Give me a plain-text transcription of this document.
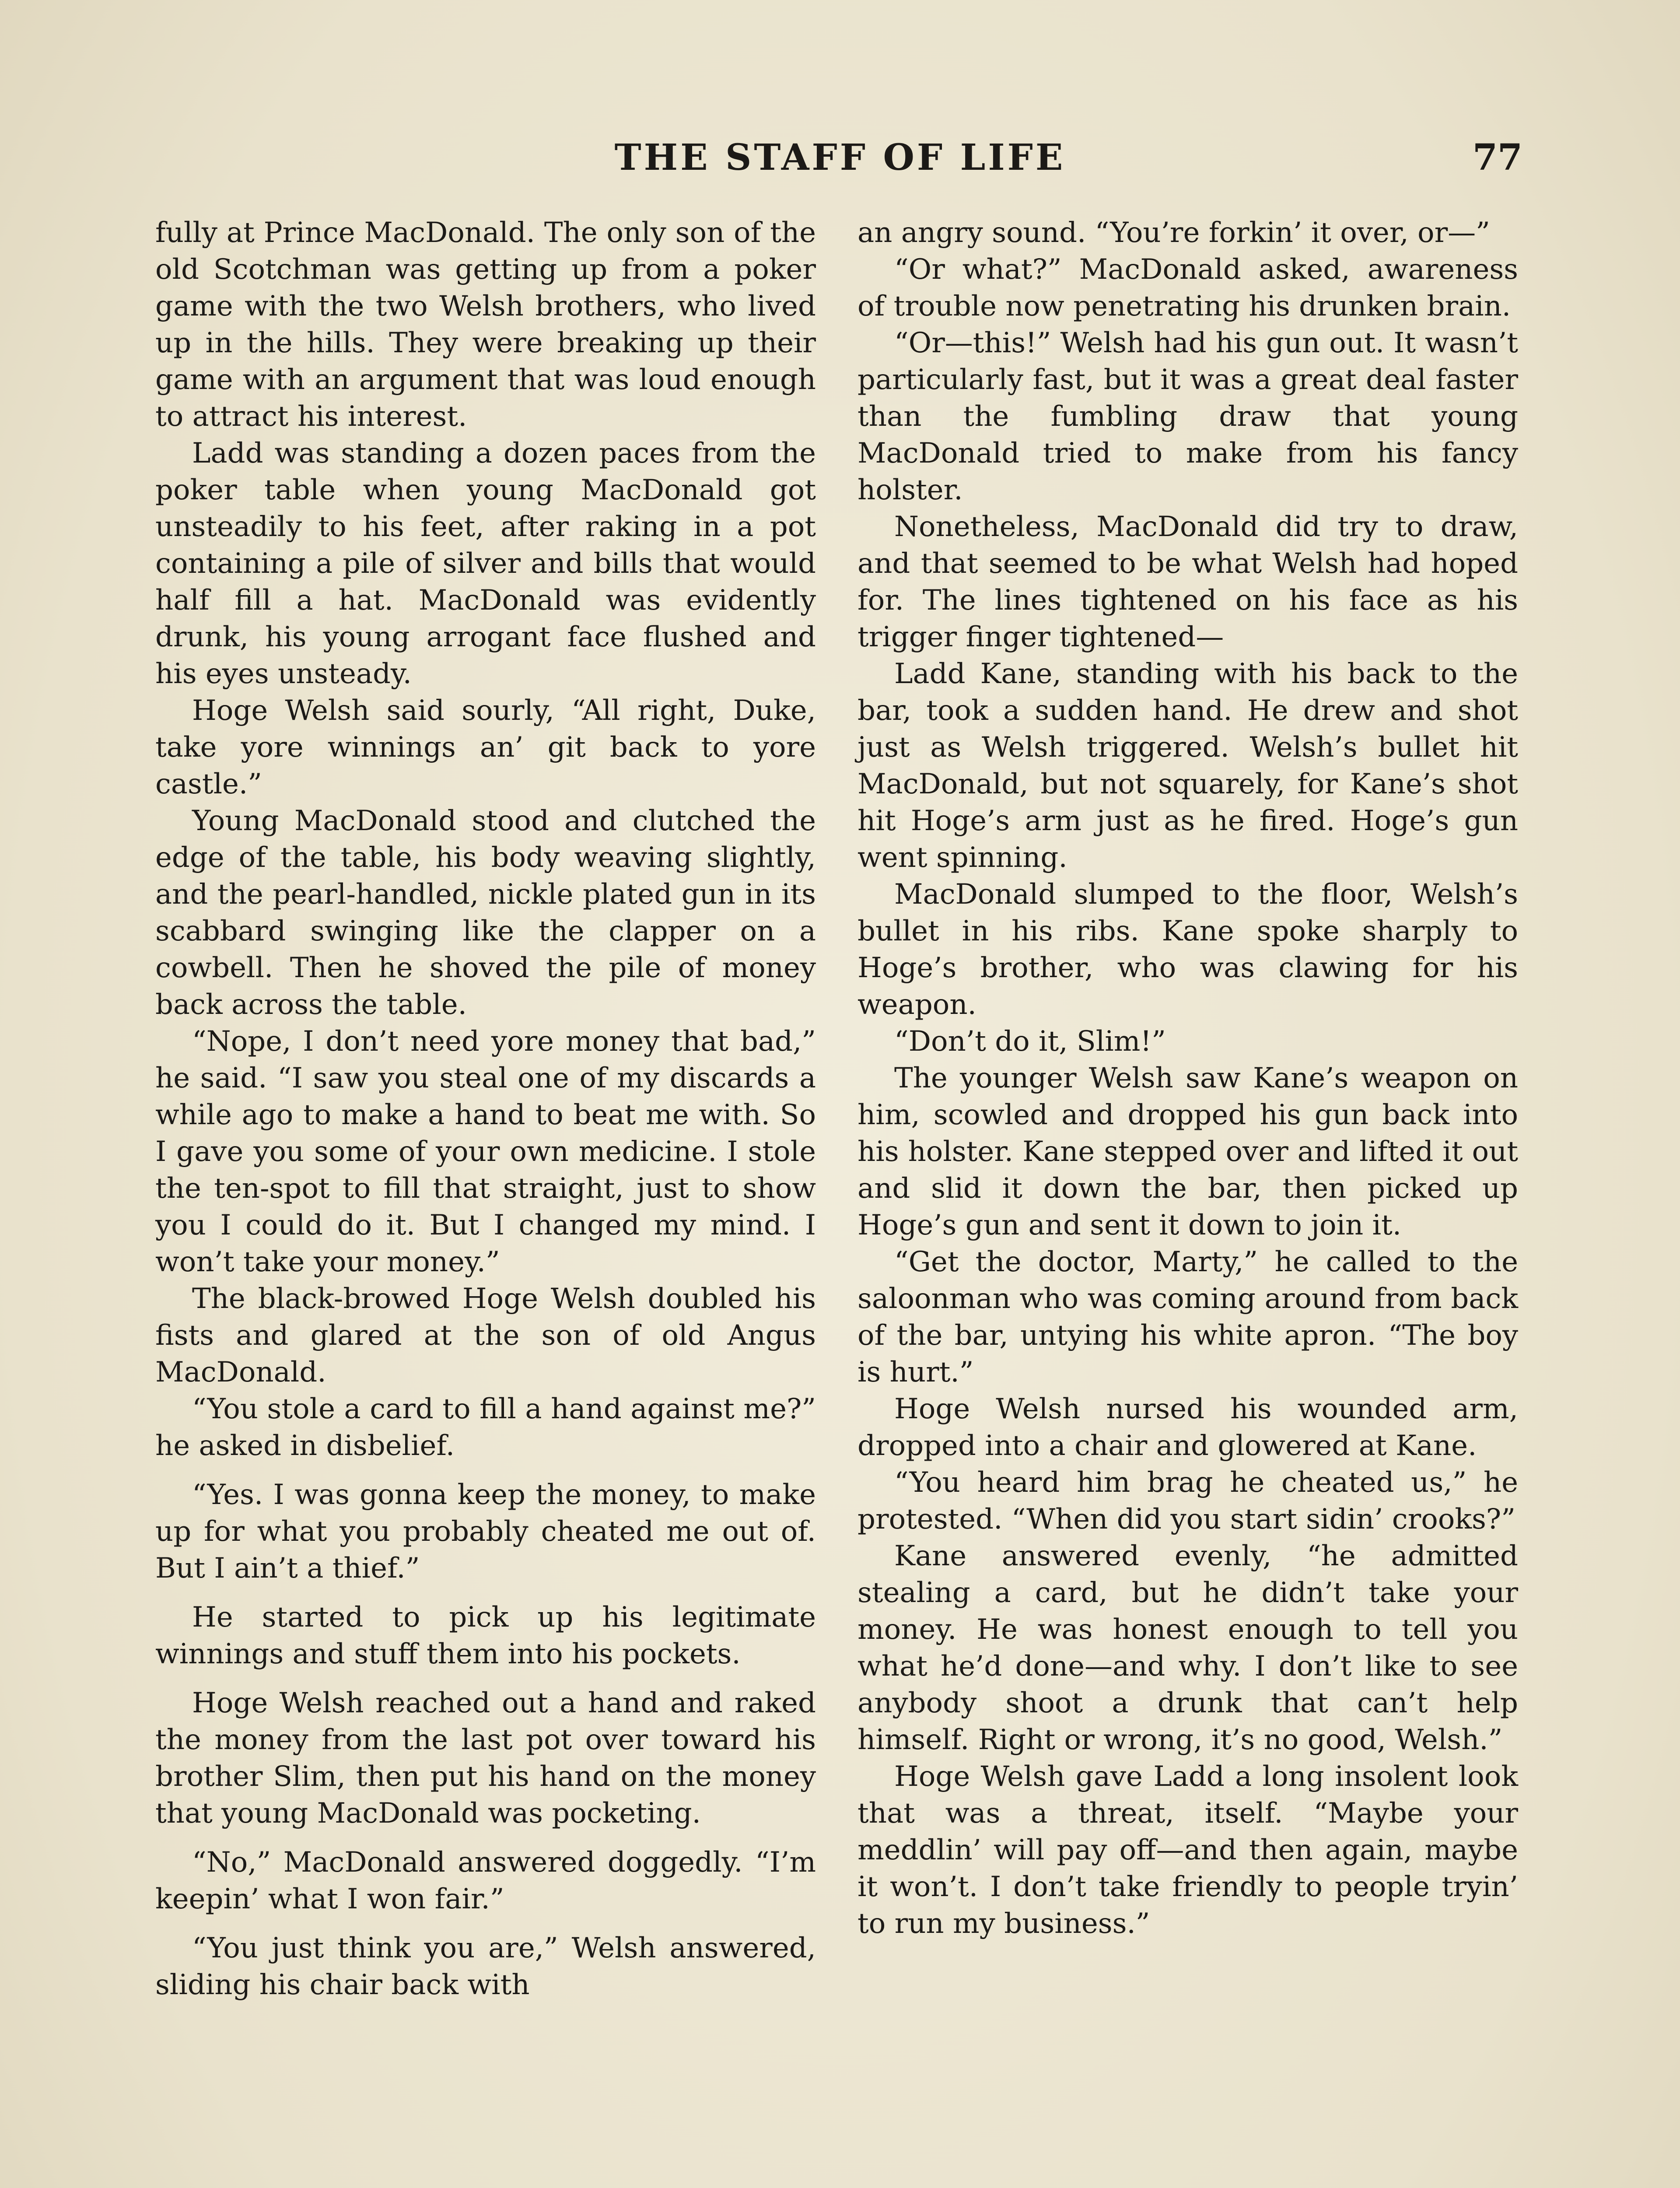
THE STAFF OF LIFE	77

fully at Prince MacDonald. The only son of the old Scotchman was getting up from a poker game with the two Welsh brothers, who lived up in the hills. They were breaking up their game with an argument that was loud enough to attract his interest.

Ladd was standing a dozen paces from the poker table when young MacDonald got unsteadily to his feet, after raking in a pot containing a pile of silver and bills that would half fill a hat. MacDonald was evidently drunk, his young arrogant face flushed and his eyes unsteady.

Hoge Welsh said sourly, “All right, Duke, take yore winnings an’ git back to yore castle.”

Young MacDonald stood and clutched the edge of the table, his body weaving slightly, and the pearl-handled, nickle plated gun in its scabbard swinging like the clapper on a cowbell. Then he shoved the pile of money back across the table.

“Nope, I don’t need yore money that bad,” he said. “I saw you steal one of my discards a while ago to make a hand to beat me with. So I gave you some of your own medicine. I stole the ten-spot to fill that straight, just to show you I could do it. But I changed my mind. I won’t take your money.”

The black-browed Hoge Welsh doubled his fists and glared at the son of old Angus MacDonald.

“You stole a card to fill a hand against me?” he asked in disbelief.

“Yes. I was gonna keep the money, to make up for what you probably cheated me out of. But I ain’t a thief.”

He started to pick up his legitimate winnings and stuff them into his pockets.

Hoge Welsh reached out a hand and raked the money from the last pot over toward his brother Slim, then put his hand on the money that young MacDonald was pocketing.

“No,” MacDonald answered doggedly. “I’m keepin’ what I won fair.”

“You just think you are,” Welsh answered, sliding his chair back with

an angry sound. “You’re forkin’ it over, or—”

“Or what?” MacDonald asked, awareness of trouble now penetrating his drunken brain.

“Or—this!” Welsh had his gun out. It wasn’t particularly fast, but it was a great deal faster than the fumbling draw that young MacDonald tried to make from his fancy holster.

Nonetheless, MacDonald did try to draw, and that seemed to be what Welsh had hoped for. The lines tightened on his face as his trigger finger tightened—

Ladd Kane, standing with his back to the bar, took a sudden hand. He drew and shot just as Welsh triggered. Welsh’s bullet hit MacDonald, but not squarely, for Kane’s shot hit Hoge’s arm just as he fired. Hoge’s gun went spinning.

MacDonald slumped to the floor, Welsh’s bullet in his ribs. Kane spoke sharply to Hoge’s brother, who was clawing for his weapon.

“Don’t do it, Slim!”

The younger Welsh saw Kane’s weapon on him, scowled and dropped his gun back into his holster. Kane stepped over and lifted it out and slid it down the bar, then picked up Hoge’s gun and sent it down to join it.

“Get the doctor, Marty,” he called to the saloonman who was coming around from back of the bar, untying his white apron. “The boy is hurt.”

Hoge Welsh nursed his wounded arm, dropped into a chair and glowered at Kane.

“You heard him brag he cheated us,” he protested. “When did you start sidin’ crooks?”

Kane answered evenly, “he admitted stealing a card, but he didn’t take your money. He was honest enough to tell you what he’d done—and why. I don’t like to see anybody shoot a drunk that can’t help himself. Right or wrong, it’s no good, Welsh.”

Hoge Welsh gave Ladd a long insolent look that was a threat, itself. “Maybe your meddlin’ will pay off—and then again, maybe it won’t. I don’t take friendly to people tryin’ to run my business.”
